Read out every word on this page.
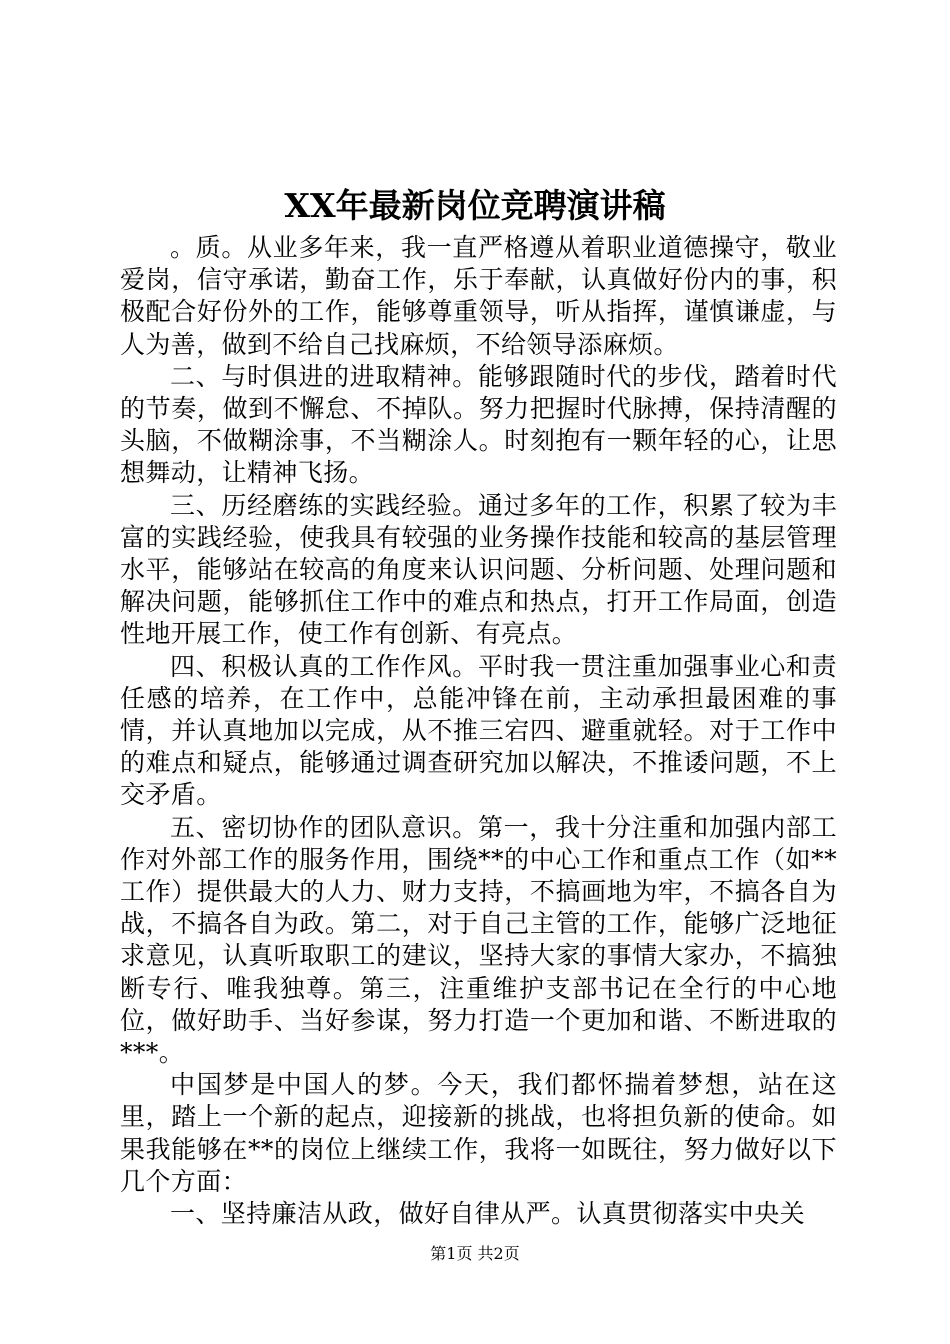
XX年最新岗位竞聘演讲稿

。质。从业多年来，我一直严格遵从着职业道德操守，敬业爱岗，信守承诺，勤奋工作，乐于奉献，认真做好份内的事，积极配合好份外的工作，能够尊重领导，听从指挥，谨慎谦虚，与人为善，做到不给自己找麻烦，不给领导添麻烦。

二、与时俱进的进取精神。能够跟随时代的步伐，踏着时代的节奏，做到不懈怠、不掉队。努力把握时代脉搏，保持清醒的头脑，不做糊涂事，不当糊涂人。时刻抱有一颗年轻的心，让思想舞动，让精神飞扬。

三、历经磨练的实践经验。通过多年的工作，积累了较为丰富的实践经验，使我具有较强的业务操作技能和较高的基层管理水平，能够站在较高的角度来认识问题、分析问题、处理问题和解决问题，能够抓住工作中的难点和热点，打开工作局面，创造性地开展工作，使工作有创新、有亮点。

四、积极认真的工作作风。平时我一贯注重加强事业心和责任感的培养，在工作中，总能冲锋在前，主动承担最困难的事情，并认真地加以完成，从不推三宕四、避重就轻。对于工作中的难点和疑点，能够通过调查研究加以解决，不推诿问题，不上交矛盾。

五、密切协作的团队意识。第一，我十分注重和加强内部工作对外部工作的服务作用，围绕**的中心工作和重点工作（如**工作）提供最大的人力、财力支持，不搞画地为牢，不搞各自为战，不搞各自为政。第二，对于自己主管的工作，能够广泛地征求意见，认真听取职工的建议，坚持大家的事情大家办，不搞独断专行、唯我独尊。第三，注重维护支部书记在全行的中心地位，做好助手、当好参谋，努力打造一个更加和谐、不断进取的***。

中国梦是中国人的梦。今天，我们都怀揣着梦想，站在这里，踏上一个新的起点，迎接新的挑战，也将担负新的使命。如果我能够在**的岗位上继续工作，我将一如既往，努力做好以下几个方面：

一、坚持廉洁从政，做好自律从严。认真贯彻落实中央关

第1页 共2页
